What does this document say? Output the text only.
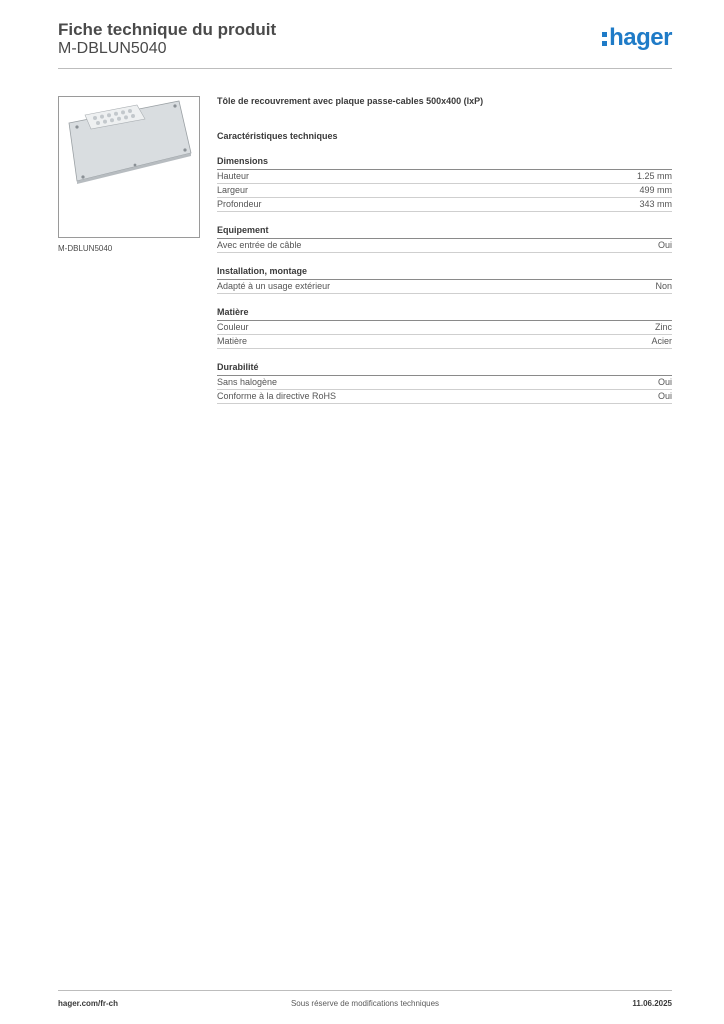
Fiche technique du produit
M-DBLUN5040	hager
M-DBLUN5040
Tôle de recouvrement avec plaque passe-cables 500x400 (lxP)
Caractéristiques techniques
Dimensions
Hauteur	1.25 mm
Largeur	499 mm
Profondeur	343 mm
Equipement
Avec entrée de câble	Oui
Installation, montage
Adapté à un usage extérieur	Non
Matière
Couleur	Zinc
Matière	Acier
Durabilité
Sans halogène	Oui
Conforme à la directive RoHS	Oui
Sous réserve de modifications techniques
hager.com/fr-ch	11.06.2025
